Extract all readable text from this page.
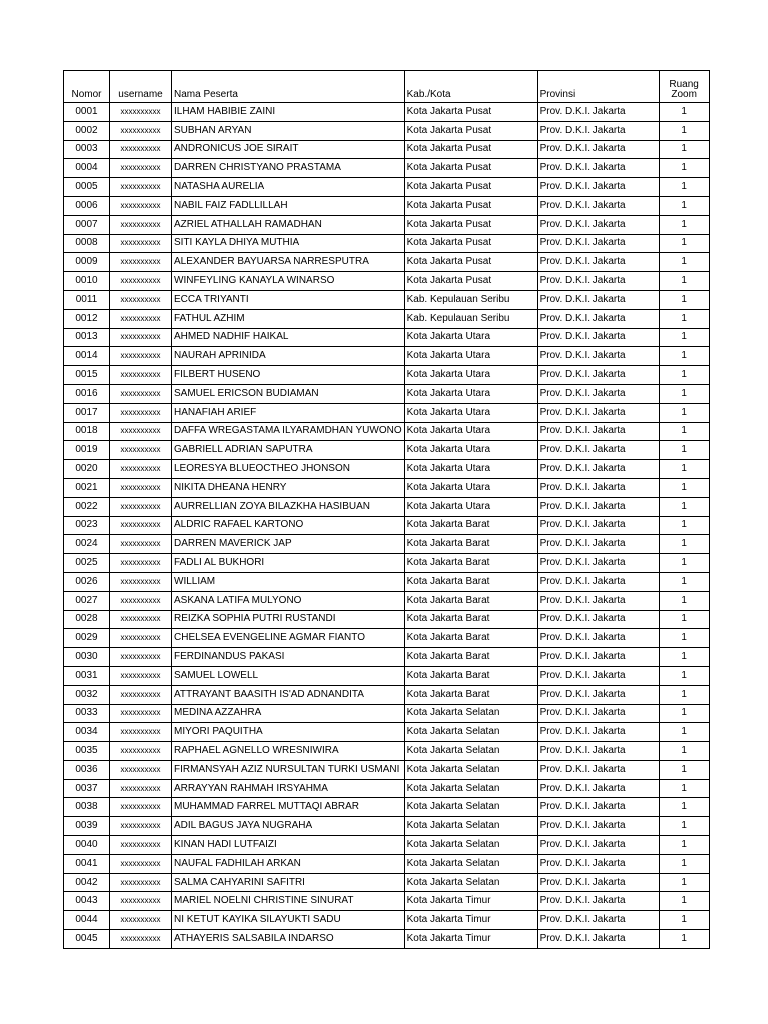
Nomor	username	Nama Peserta	Kab./Kota	Provinsi	Ruang
Zoom
0001	xxxxxxxxxx	ILHAM HABIBIE ZAINI	Kota Jakarta Pusat	Prov. D.K.I. Jakarta	1
0002	xxxxxxxxxx	SUBHAN ARYAN	Kota Jakarta Pusat	Prov. D.K.I. Jakarta	1
0003	xxxxxxxxxx	ANDRONICUS JOE SIRAIT	Kota Jakarta Pusat	Prov. D.K.I. Jakarta	1
0004	xxxxxxxxxx	DARREN CHRISTYANO PRASTAMA	Kota Jakarta Pusat	Prov. D.K.I. Jakarta	1
0005	xxxxxxxxxx	NATASHA AURELIA	Kota Jakarta Pusat	Prov. D.K.I. Jakarta	1
0006	xxxxxxxxxx	NABIL FAIZ FADLLILLAH	Kota Jakarta Pusat	Prov. D.K.I. Jakarta	1
0007	xxxxxxxxxx	AZRIEL ATHALLAH RAMADHAN	Kota Jakarta Pusat	Prov. D.K.I. Jakarta	1
0008	xxxxxxxxxx	SITI KAYLA DHIYA MUTHIA	Kota Jakarta Pusat	Prov. D.K.I. Jakarta	1
0009	xxxxxxxxxx	ALEXANDER BAYUARSA NARRESPUTRA	Kota Jakarta Pusat	Prov. D.K.I. Jakarta	1
0010	xxxxxxxxxx	WINFEYLING KANAYLA WINARSO	Kota Jakarta Pusat	Prov. D.K.I. Jakarta	1
0011	xxxxxxxxxx	ECCA TRIYANTI	Kab. Kepulauan Seribu	Prov. D.K.I. Jakarta	1
0012	xxxxxxxxxx	FATHUL AZHIM	Kab. Kepulauan Seribu	Prov. D.K.I. Jakarta	1
0013	xxxxxxxxxx	AHMED NADHIF HAIKAL	Kota Jakarta Utara	Prov. D.K.I. Jakarta	1
0014	xxxxxxxxxx	NAURAH APRINIDA	Kota Jakarta Utara	Prov. D.K.I. Jakarta	1
0015	xxxxxxxxxx	FILBERT HUSENO	Kota Jakarta Utara	Prov. D.K.I. Jakarta	1
0016	xxxxxxxxxx	SAMUEL ERICSON BUDIAMAN	Kota Jakarta Utara	Prov. D.K.I. Jakarta	1
0017	xxxxxxxxxx	HANAFIAH ARIEF	Kota Jakarta Utara	Prov. D.K.I. Jakarta	1
0018	xxxxxxxxxx	DAFFA WREGASTAMA ILYARAMDHAN YUWONO	Kota Jakarta Utara	Prov. D.K.I. Jakarta	1
0019	xxxxxxxxxx	GABRIELL ADRIAN SAPUTRA	Kota Jakarta Utara	Prov. D.K.I. Jakarta	1
0020	xxxxxxxxxx	LEORESYA BLUEOCTHEO JHONSON	Kota Jakarta Utara	Prov. D.K.I. Jakarta	1
0021	xxxxxxxxxx	NIKITA DHEANA HENRY	Kota Jakarta Utara	Prov. D.K.I. Jakarta	1
0022	xxxxxxxxxx	AURRELLIAN ZOYA BILAZKHA HASIBUAN	Kota Jakarta Utara	Prov. D.K.I. Jakarta	1
0023	xxxxxxxxxx	ALDRIC RAFAEL KARTONO	Kota Jakarta Barat	Prov. D.K.I. Jakarta	1
0024	xxxxxxxxxx	DARREN MAVERICK JAP	Kota Jakarta Barat	Prov. D.K.I. Jakarta	1
0025	xxxxxxxxxx	FADLI AL BUKHORI	Kota Jakarta Barat	Prov. D.K.I. Jakarta	1
0026	xxxxxxxxxx	WILLIAM	Kota Jakarta Barat	Prov. D.K.I. Jakarta	1
0027	xxxxxxxxxx	ASKANA LATIFA MULYONO	Kota Jakarta Barat	Prov. D.K.I. Jakarta	1
0028	xxxxxxxxxx	REIZKA SOPHIA PUTRI RUSTANDI	Kota Jakarta Barat	Prov. D.K.I. Jakarta	1
0029	xxxxxxxxxx	CHELSEA EVENGELINE AGMAR FIANTO	Kota Jakarta Barat	Prov. D.K.I. Jakarta	1
0030	xxxxxxxxxx	FERDINANDUS PAKASI	Kota Jakarta Barat	Prov. D.K.I. Jakarta	1
0031	xxxxxxxxxx	SAMUEL LOWELL	Kota Jakarta Barat	Prov. D.K.I. Jakarta	1
0032	xxxxxxxxxx	ATTRAYANT BAASITH IS'AD ADNANDITA	Kota Jakarta Barat	Prov. D.K.I. Jakarta	1
0033	xxxxxxxxxx	MEDINA AZZAHRA	Kota Jakarta Selatan	Prov. D.K.I. Jakarta	1
0034	xxxxxxxxxx	MIYORI PAQUITHA	Kota Jakarta Selatan	Prov. D.K.I. Jakarta	1
0035	xxxxxxxxxx	RAPHAEL AGNELLO WRESNIWIRA	Kota Jakarta Selatan	Prov. D.K.I. Jakarta	1
0036	xxxxxxxxxx	FIRMANSYAH AZIZ NURSULTAN TURKI USMANI	Kota Jakarta Selatan	Prov. D.K.I. Jakarta	1
0037	xxxxxxxxxx	ARRAYYAN RAHMAH IRSYAHMA	Kota Jakarta Selatan	Prov. D.K.I. Jakarta	1
0038	xxxxxxxxxx	MUHAMMAD FARREL MUTTAQI ABRAR	Kota Jakarta Selatan	Prov. D.K.I. Jakarta	1
0039	xxxxxxxxxx	ADIL BAGUS JAYA NUGRAHA	Kota Jakarta Selatan	Prov. D.K.I. Jakarta	1
0040	xxxxxxxxxx	KINAN HADI LUTFAIZI	Kota Jakarta Selatan	Prov. D.K.I. Jakarta	1
0041	xxxxxxxxxx	NAUFAL FADHILAH ARKAN	Kota Jakarta Selatan	Prov. D.K.I. Jakarta	1
0042	xxxxxxxxxx	SALMA CAHYARINI SAFITRI	Kota Jakarta Selatan	Prov. D.K.I. Jakarta	1
0043	xxxxxxxxxx	MARIEL NOELNI CHRISTINE SINURAT	Kota Jakarta Timur	Prov. D.K.I. Jakarta	1
0044	xxxxxxxxxx	NI KETUT KAYIKA SILAYUKTI SADU	Kota Jakarta Timur	Prov. D.K.I. Jakarta	1
0045	xxxxxxxxxx	ATHAYERIS SALSABILA INDARSO	Kota Jakarta Timur	Prov. D.K.I. Jakarta	1
